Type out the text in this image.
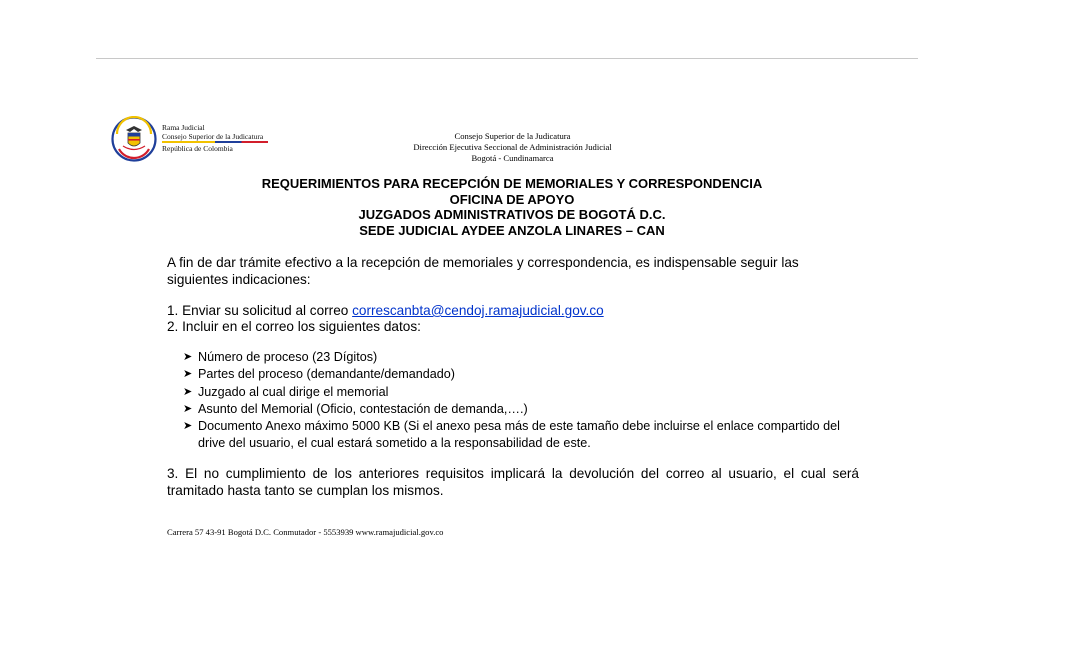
Rama Judicial
Consejo Superior de la Judicatura
República de Colombia
Consejo Superior de la Judicatura
Dirección Ejecutiva Seccional de Administración Judicial
Bogotá - Cundinamarca
REQUERIMIENTOS PARA RECEPCIÓN DE MEMORIALES Y CORRESPONDENCIA
OFICINA DE APOYO
JUZGADOS ADMINISTRATIVOS DE BOGOTÁ D.C.
SEDE JUDICIAL AYDEE ANZOLA LINARES – CAN
A fin de dar trámite efectivo a la recepción de memoriales y correspondencia, es indispensable seguir las siguientes indicaciones:
1. Enviar su solicitud al correo correscanbta@cendoj.ramajudicial.gov.co
2. Incluir en el correo los siguientes datos:
➤ Número de proceso (23 Dígitos)
➤ Partes del proceso (demandante/demandado)
➤ Juzgado al cual dirige el memorial
➤ Asunto del Memorial (Oficio, contestación de demanda,….)
➤ Documento Anexo máximo 5000 KB (Si el anexo pesa más de este tamaño debe incluirse el enlace compartido del drive del usuario, el cual estará sometido a la responsabilidad de este.
3. El no cumplimiento de los anteriores requisitos implicará la devolución del correo al usuario, el cual será tramitado hasta tanto se cumplan los mismos.
Carrera 57 43-91 Bogotá D.C. Conmutador - 5553939 www.ramajudicial.gov.co
